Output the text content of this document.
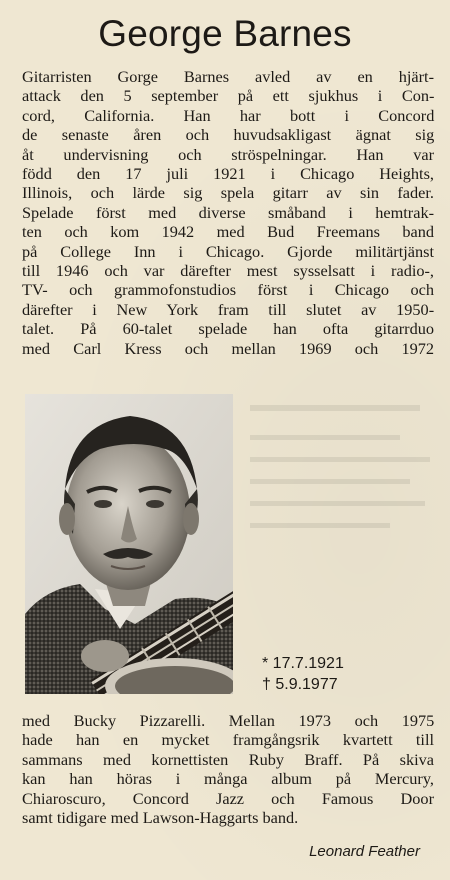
George Barnes
Gitarristen Gorge Barnes avled av en hjärt-
attack den 5 september på ett sjukhus i Con-
cord, California. Han har bott i Concord
de senaste åren och huvudsakligast ägnat sig
åt undervisning och ströspelningar. Han var
född den 17 juli 1921 i Chicago Heights,
Illinois, och lärde sig spela gitarr av sin fader.
Spelade först med diverse småband i hemtrak-
ten och kom 1942 med Bud Freemans band
på College Inn i Chicago. Gjorde militärtjänst
till 1946 och var därefter mest sysselsatt i radio-,
TV- och grammofonstudios först i Chicago och
därefter i New York fram till slutet av 1950-
talet. På 60-talet spelade han ofta gitarrduo
med Carl Kress och mellan 1969 och 1972
* 17.7.1921
† 5.9.1977
med Bucky Pizzarelli. Mellan 1973 och 1975
hade han en mycket framgångsrik kvartett till
sammans med kornettisten Ruby Braff. På skiva
kan han höras i många album på Mercury,
Chiaroscuro, Concord Jazz och Famous Door
samt tidigare med Lawson-Haggarts band.
Leonard Feather
